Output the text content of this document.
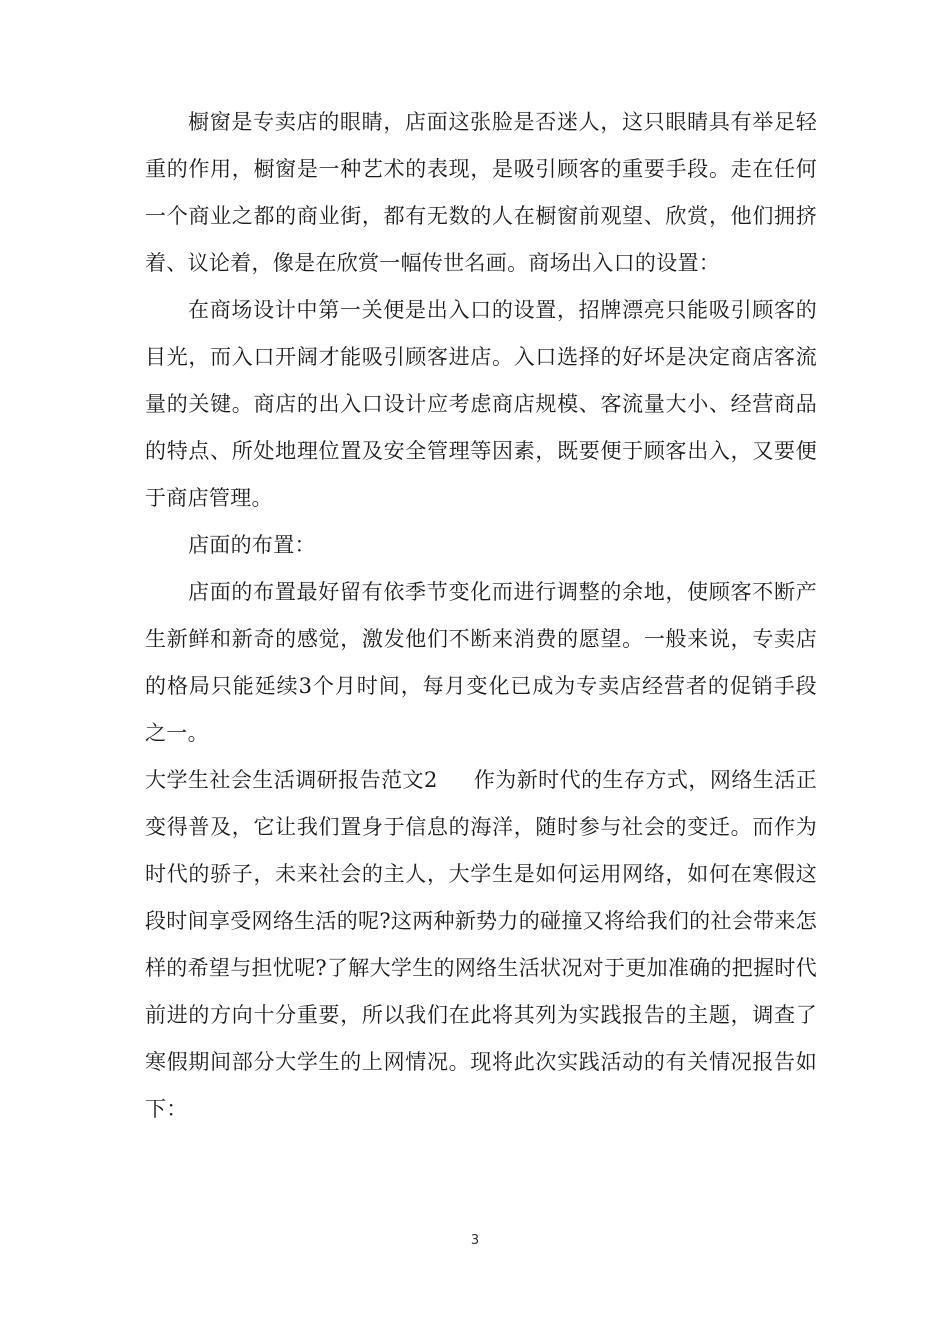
橱窗是专卖店的眼睛，店面这张脸是否迷人，这只眼睛具有举足轻重的作用，橱窗是一种艺术的表现，是吸引顾客的重要手段。走在任何一个商业之都的商业街，都有无数的人在橱窗前观望、欣赏，他们拥挤着、议论着，像是在欣赏一幅传世名画。商场出入口的设置：

在商场设计中第一关便是出入口的设置，招牌漂亮只能吸引顾客的目光，而入口开阔才能吸引顾客进店。入口选择的好坏是决定商店客流量的关键。商店的出入口设计应考虑商店规模、客流量大小、经营商品的特点、所处地理位置及安全管理等因素，既要便于顾客出入，又要便于商店管理。

店面的布置：

店面的布置最好留有依季节变化而进行调整的余地，使顾客不断产生新鲜和新奇的感觉，激发他们不断来消费的愿望。一般来说，专卖店的格局只能延续3个月时间，每月变化已成为专卖店经营者的促销手段之一。

大学生社会生活调研报告范文2 作为新时代的生存方式，网络生活正变得普及，它让我们置身于信息的海洋，随时参与社会的变迁。而作为时代的骄子，未来社会的主人，大学生是如何运用网络，如何在寒假这段时间享受网络生活的呢?这两种新势力的碰撞又将给我们的社会带来怎样的希望与担忧呢?了解大学生的网络生活状况对于更加准确的把握时代前进的方向十分重要，所以我们在此将其列为实践报告的主题，调查了寒假期间部分大学生的上网情况。现将此次实践活动的有关情况报告如下：

3
